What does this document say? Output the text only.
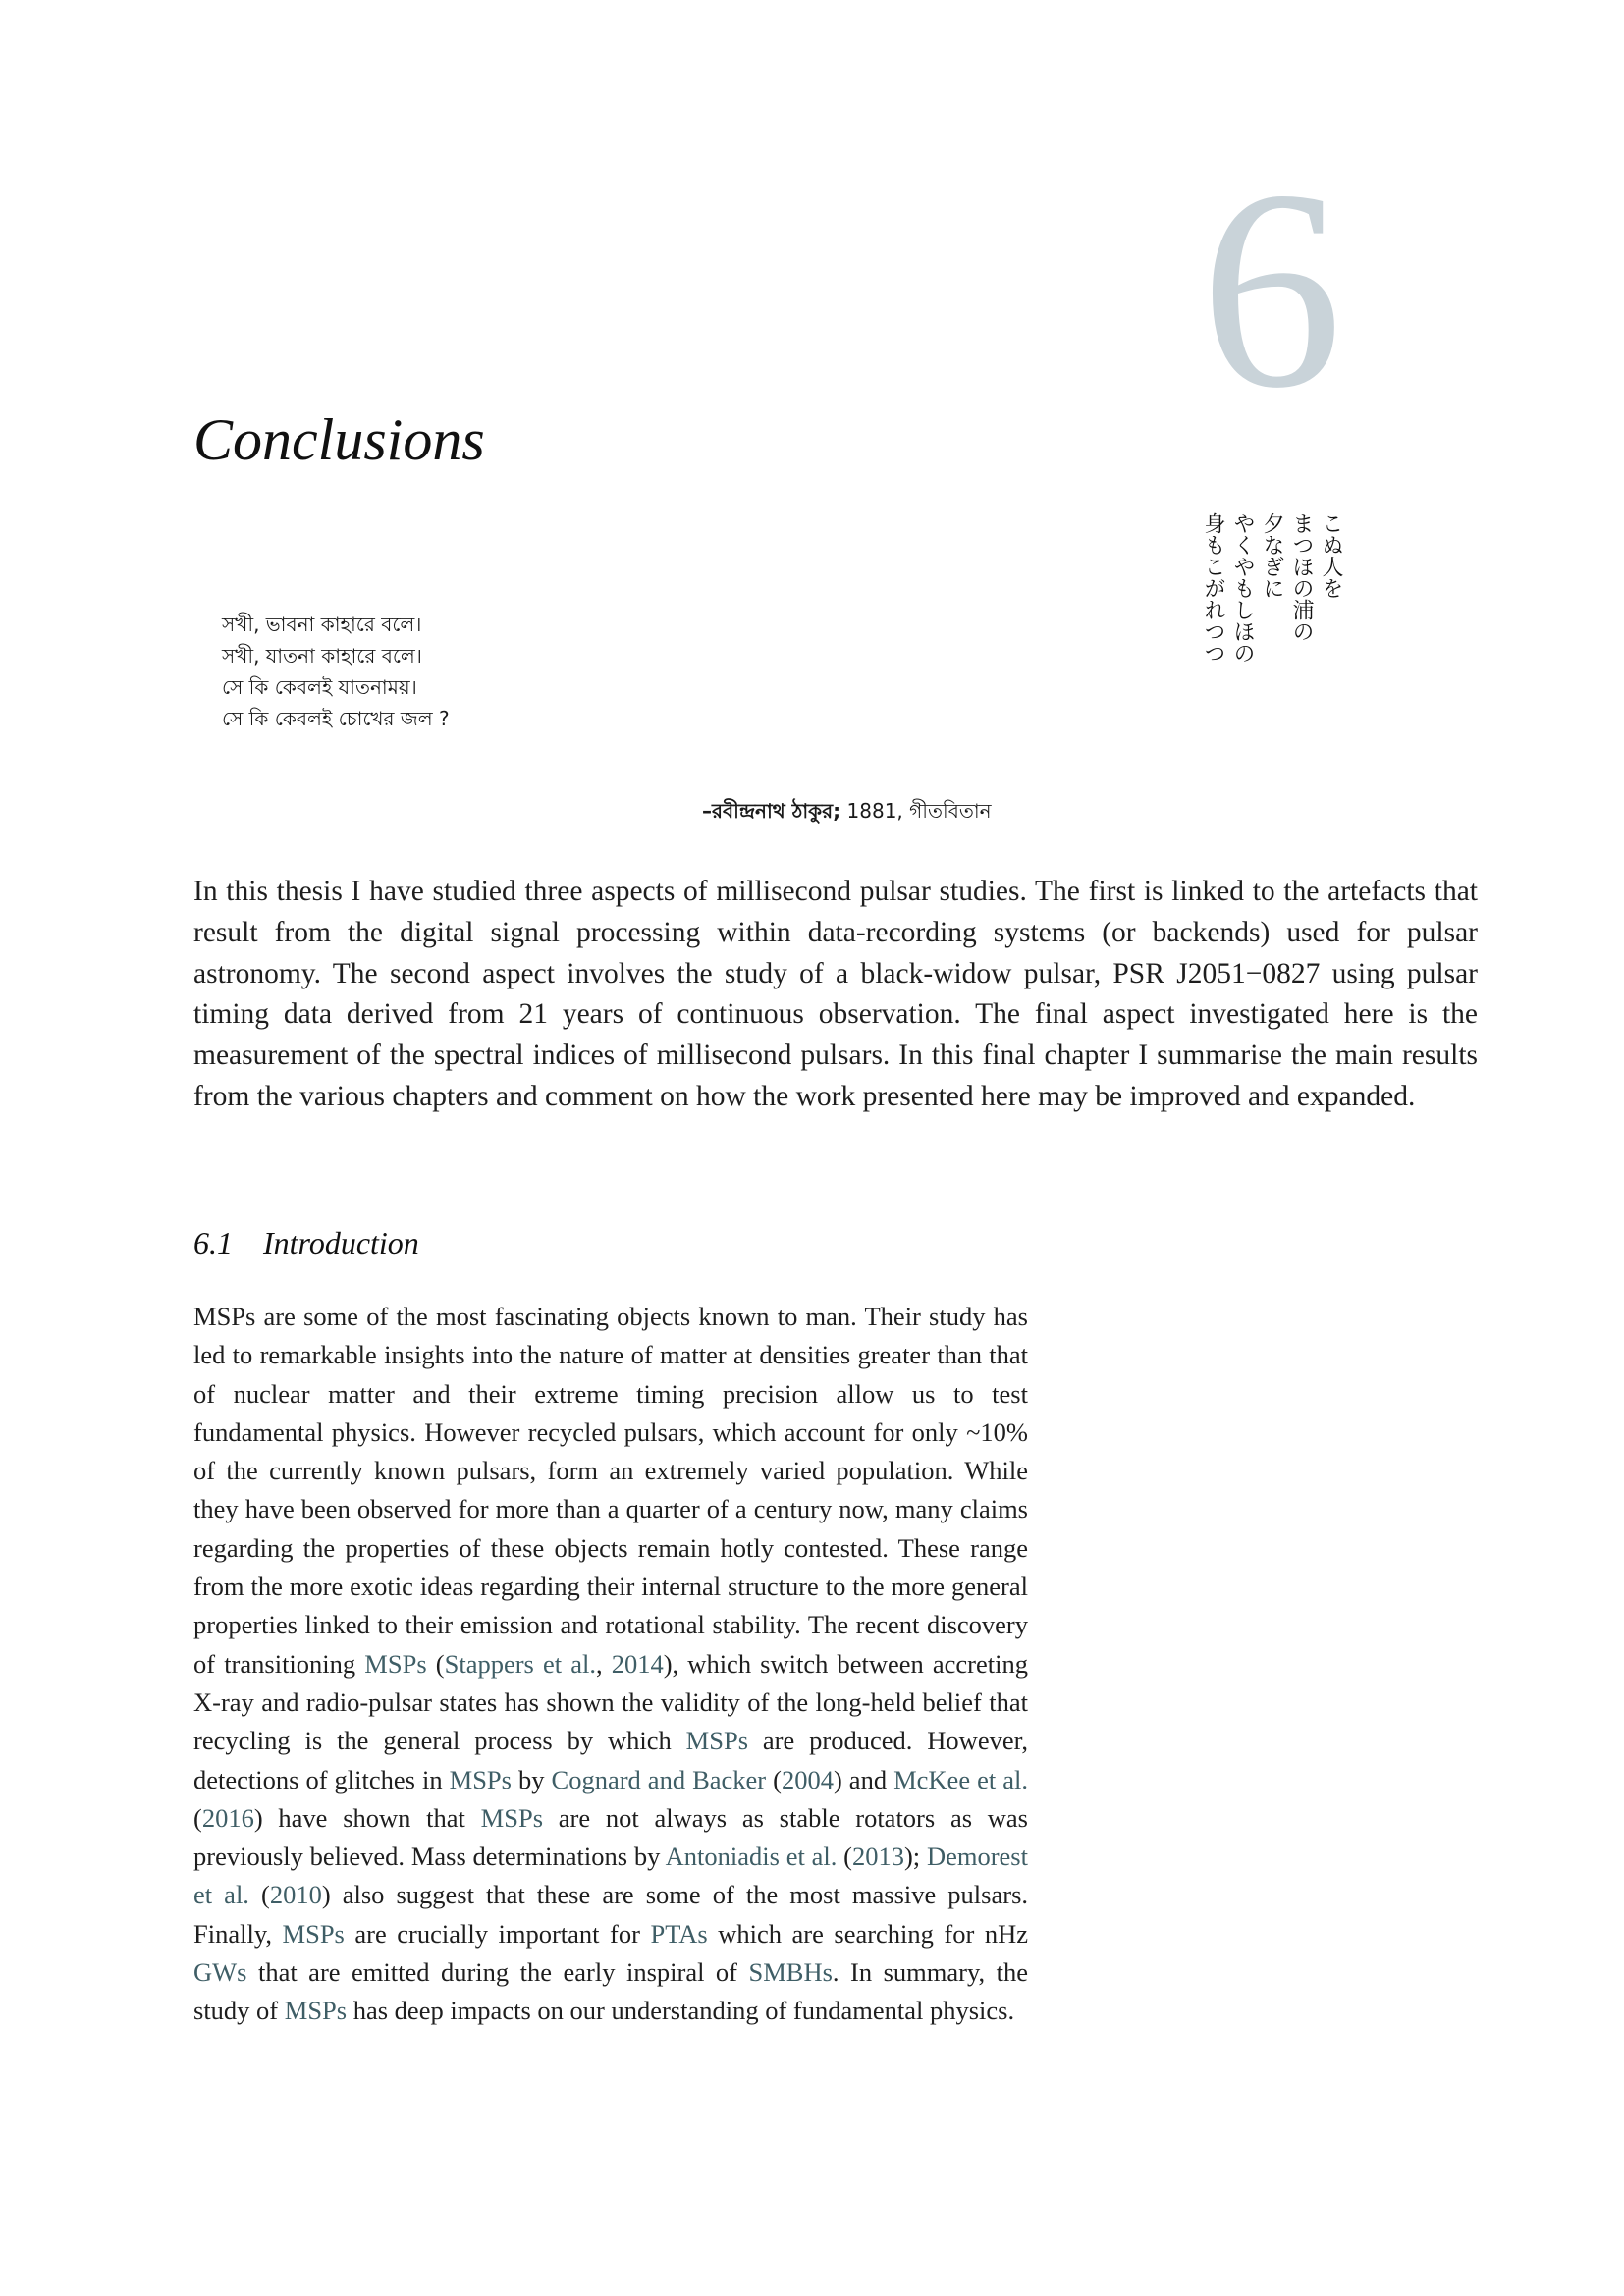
6
Conclusions
こぬ人を
まつほの浦の
夕なぎに
やくやもしほの
身もこがれつつ
সখী, ভাবনা কাহারে বলে।
সখী, যাতনা কাহারে বলে।
সে কি কেবলই যাতনাময়।
সে কি কেবলই চোখের জল ?
–রবীন্দ্রনাথ ঠাকুর; 1881, গীতবিতান

In this thesis I have studied three aspects of millisecond pulsar studies. The first is linked to the artefacts that result from the digital signal processing within data-recording systems (or backends) used for pulsar astronomy. The second aspect involves the study of a black-widow pulsar, PSR J2051−0827 using pulsar timing data derived from 21 years of continuous observation. The final aspect investigated here is the measurement of the spectral indices of millisecond pulsars. In this final chapter I summarise the main results from the various chapters and comment on how the work presented here may be improved and expanded.

6.1 Introduction

MSPs are some of the most fascinating objects known to man. Their study has led to remarkable insights into the nature of matter at densities greater than that of nuclear matter and their extreme timing precision allow us to test fundamental physics. However recycled pulsars, which account for only ~10% of the currently known pulsars, form an extremely varied population. While they have been observed for more than a quarter of a century now, many claims regarding the properties of these objects remain hotly contested. These range from the more exotic ideas regarding their internal structure to the more general properties linked to their emission and rotational stability. The recent discovery of transitioning MSPs (Stappers et al., 2014), which switch between accreting X-ray and radio-pulsar states has shown the validity of the long-held belief that recycling is the general process by which MSPs are produced. However, detections of glitches in MSPs by Cognard and Backer (2004) and McKee et al. (2016) have shown that MSPs are not always as stable rotators as was previously believed. Mass determinations by Antoniadis et al. (2013); Demorest et al. (2010) also suggest that these are some of the most massive pulsars. Finally, MSPs are crucially important for PTAs which are searching for nHz GWs that are emitted during the early inspiral of SMBHs. In summary, the study of MSPs has deep impacts on our understanding of fundamental physics.
